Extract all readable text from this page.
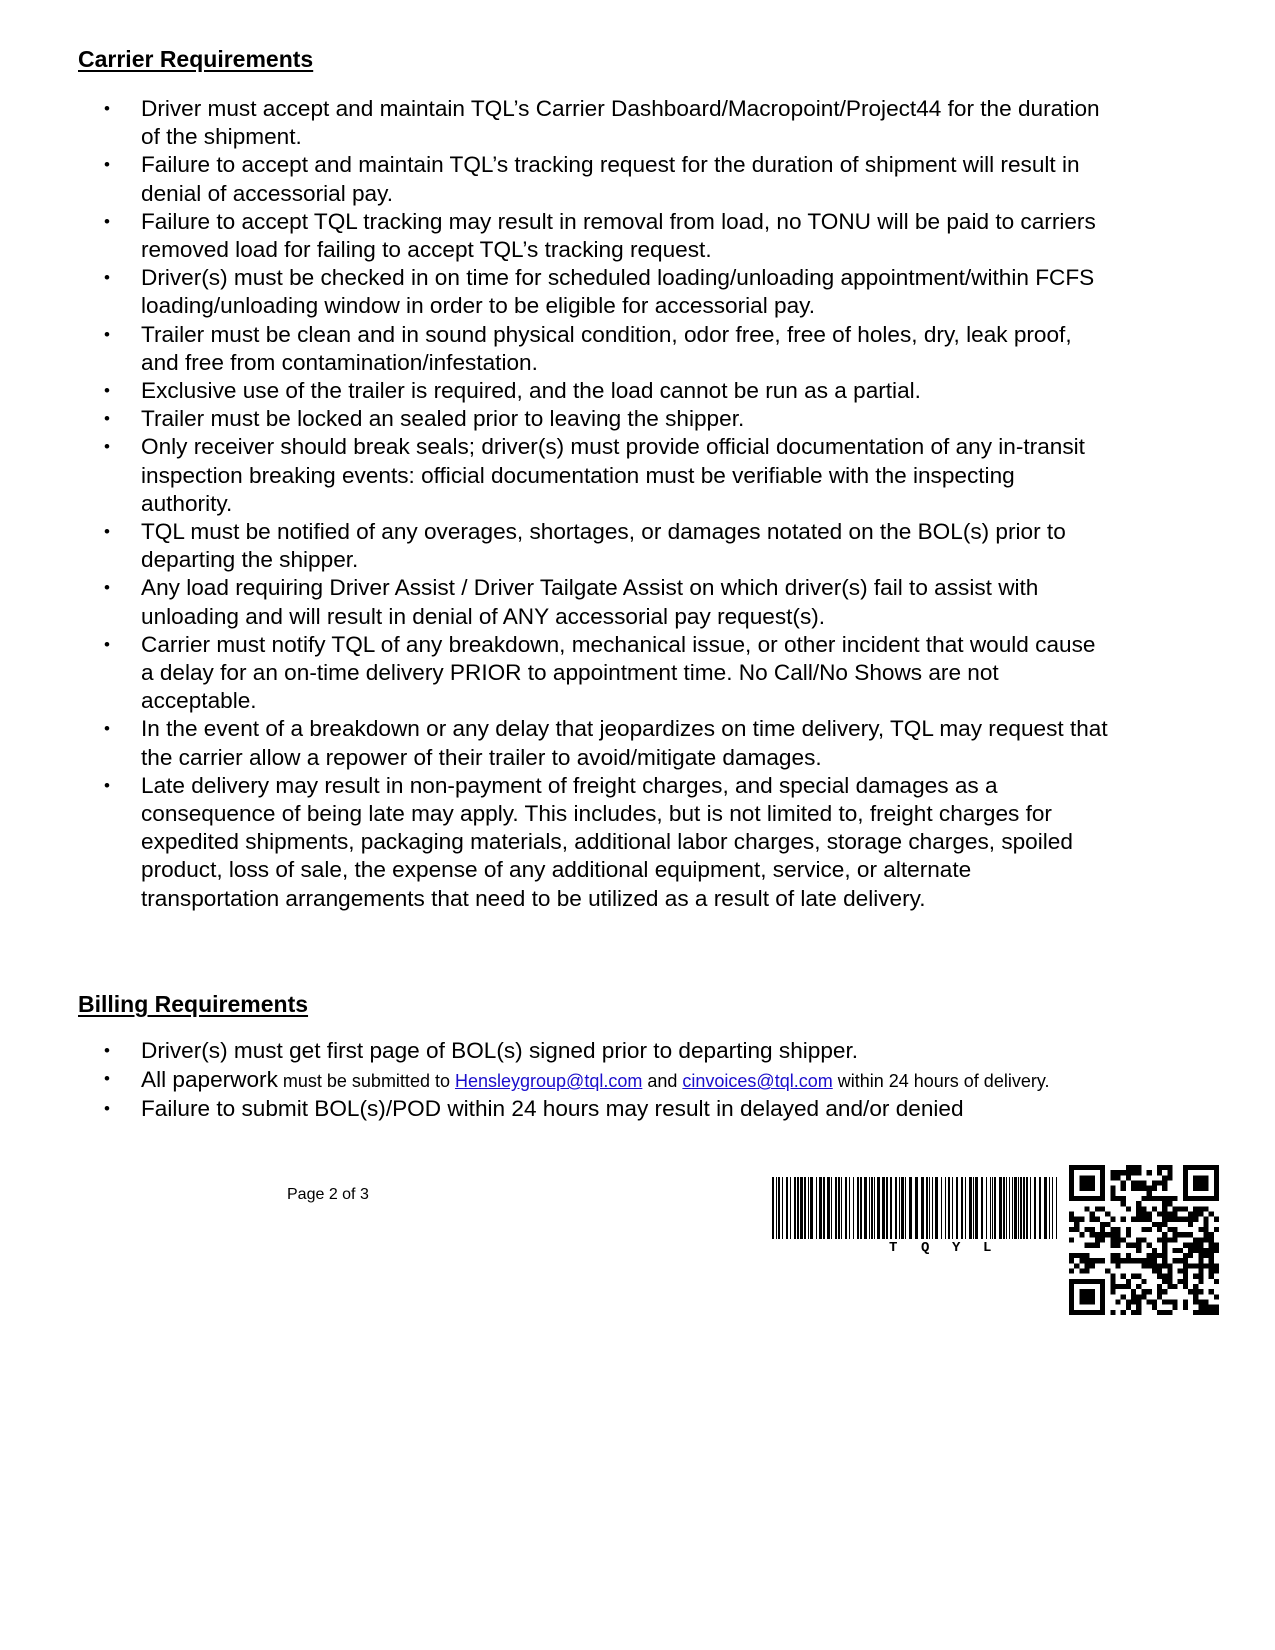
Carrier Requirements
• Driver must accept and maintain TQL’s Carrier Dashboard/Macropoint/Project44 for the duration of the shipment.
• Failure to accept and maintain TQL’s tracking request for the duration of shipment will result in denial of accessorial pay.
• Failure to accept TQL tracking may result in removal from load, no TONU will be paid to carriers removed load for failing to accept TQL’s tracking request.
• Driver(s) must be checked in on time for scheduled loading/unloading appointment/within FCFS loading/unloading window in order to be eligible for accessorial pay.
• Trailer must be clean and in sound physical condition, odor free, free of holes, dry, leak proof, and free from contamination/infestation.
• Exclusive use of the trailer is required, and the load cannot be run as a partial.
• Trailer must be locked an sealed prior to leaving the shipper.
• Only receiver should break seals; driver(s) must provide official documentation of any in-transit inspection breaking events: official documentation must be verifiable with the inspecting authority.
• TQL must be notified of any overages, shortages, or damages notated on the BOL(s) prior to departing the shipper.
• Any load requiring Driver Assist / Driver Tailgate Assist on which driver(s) fail to assist with unloading and will result in denial of ANY accessorial pay request(s).
• Carrier must notify TQL of any breakdown, mechanical issue, or other incident that would cause a delay for an on-time delivery PRIOR to appointment time. No Call/No Shows are not acceptable.
• In the event of a breakdown or any delay that jeopardizes on time delivery, TQL may request that the carrier allow a repower of their trailer to avoid/mitigate damages.
• Late delivery may result in non-payment of freight charges, and special damages as a consequence of being late may apply. This includes, but is not limited to, freight charges for expedited shipments, packaging materials, additional labor charges, storage charges, spoiled product, loss of sale, the expense of any additional equipment, service, or alternate transportation arrangements that need to be utilized as a result of late delivery.
Billing Requirements
• Driver(s) must get first page of BOL(s) signed prior to departing shipper.
• All paperwork must be submitted to Hensleygroup@tql.com and cinvoices@tql.com within 24 hours of delivery.
• Failure to submit BOL(s)/POD within 24 hours may result in delayed and/or denied
Page 2 of 3
T Q Y L
